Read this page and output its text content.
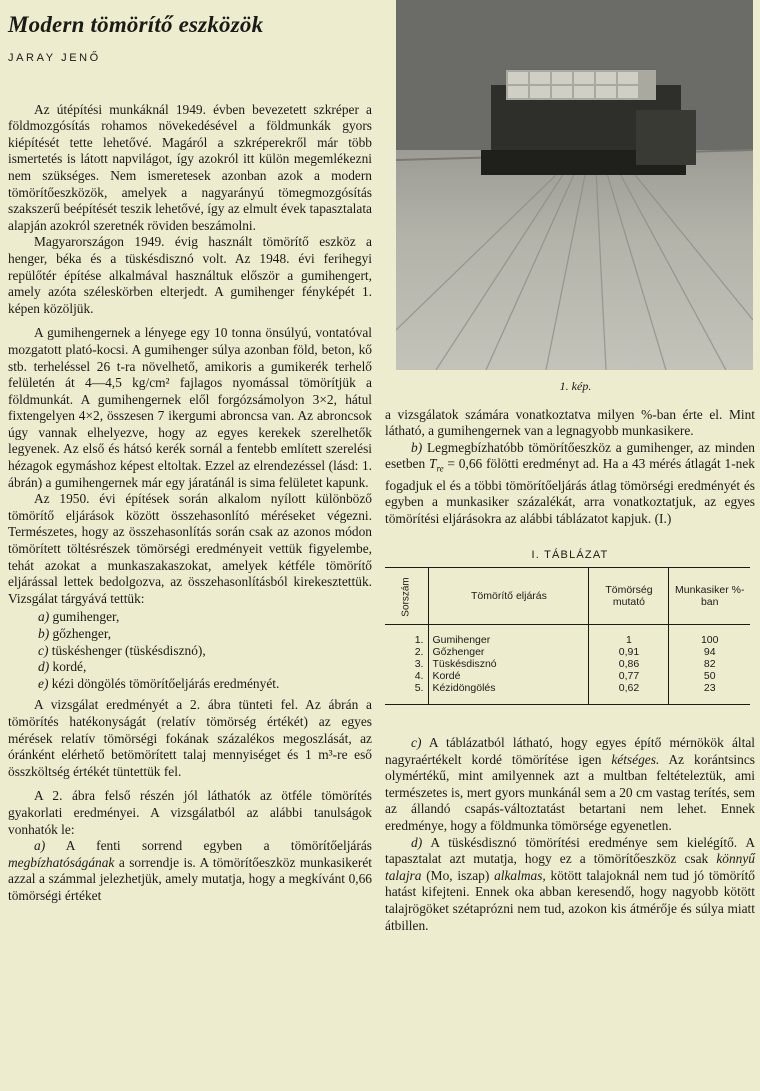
Modern tömörítő eszközök
JARAY JENŐ

Az útépítési munkáknál 1949. évben bevezetett szkréper a földmozgósítás rohamos növekedésével a földmunkák gyors kiépítését tette lehetővé. Magáról a szkréperekről már több ismertetés is látott napvilágot, így azokról itt külön megemlékezni nem szükséges. Nem ismeretesek azonban azok a modern tömörítőeszközök, amelyek a nagyarányú tömegmozgósítás szakszerű beépítését teszik lehetővé, így az elmult évek tapasztalata alapján azokról szeretnék röviden beszámolni.

Magyarországon 1949. évig használt tömörítő eszköz a henger, béka és a tüskésdisznó volt. Az 1948. évi ferihegyi repülőtér építése alkalmával használtuk először a gumihengert, amely azóta széleskörben elterjedt. A gumihenger fényképét 1. képen közöljük.

A gumihengernek a lényege egy 10 tonna önsúlyú, vontatóval mozgatott plató-kocsi. A gumihenger súlya azonban föld, beton, kő stb. terheléssel 26 t-ra növelhető, amikoris a gumikerék terhelő felületén át 4—4,5 kg/cm² fajlagos nyomással tömörítjük a földmunkát. A gumihengernek elől forgózsámolyon 3×2, hátul fixtengelyen 4×2, összesen 7 ikergumi abroncsa van. Az abroncsok úgy vannak elhelyezve, hogy az egyes kerekek szerelhetők legyenek. Az első és hátsó kerék sornál a fentebb említett szerelési hézagok egymáshoz képest eltoltak. Ezzel az elrendezéssel (lásd: 1. ábrán) a gumihengernek már egy járatánál is sima felületet kapunk.

Az 1950. évi építések során alkalom nyílott különböző tömörítő eljárások között összehasonlító méréseket végezni. Természetes, hogy az összehasonlítás során csak az azonos módon tömörített töltésrészek tömörségi eredményeit vettük figyelembe, tehát azokat a munkaszakaszokat, amelyek kétféle tömörítő eljárással lettek bedolgozva, az összehasonlításból kirekesztettük. Vizsgálat tárgyává tettük:

a) gumihenger,
b) gőzhenger,
c) tüskéshenger (tüskésdisznó),
d) kordé,
e) kézi döngölés tömörítőeljárás eredményét.

A vizsgálat eredményét a 2. ábra tünteti fel. Az ábrán a tömörítés hatékonyságát (relatív tömörség értékét) az egyes mérések relatív tömörségi fokának százalékos megoszlását, az óránként elérhető betömörített talaj mennyiséget és 1 m³-re eső összköltség értékét tüntettük fel.

A 2. ábra felső részén jól láthatók az ötféle tömörítés gyakorlati eredményei. A vizsgálatból az alábbi tanulságok vonhatók le:

a) A fenti sorrend egyben a tömörítőeljárás megbízhatóságának a sorrendje is. A tömörítőeszköz munkasikerét azzal a számmal jelezhetjük, amely mutatja, hogy a megkívánt 0,66 tömörségi értéket

1. kép.

a vizsgálatok számára vonatkoztatva milyen %-ban érte el. Mint látható, a gumihengernek van a legnagyobb munkasikere.

b) Legmegbízhatóbb tömörítőeszköz a gumihenger, az minden esetben $T_{re} = 0,66$ fölötti eredményt ad. Ha a 43 mérés átlagát 1-nek fogadjuk el és a többi tömörítőeljárás átlag tömörségi eredményét és egyben a munkasiker százalékát, arra vonatkoztatjuk, az egyes tömörítési eljárásokra az alábbi táblázatot kapjuk. (I.)

I. TÁBLÁZAT
Sorszám	Tömörítő eljárás	Tömörség mutató	Munkasiker %-ban
1.	Gumihenger	1	100
2.	Gőzhenger	0,91	94
3.	Tüskésdisznó	0,86	82
4.	Kordé	0,77	50
5.	Kézidöngölés	0,62	23

c) A táblázatból látható, hogy egyes építő mérnökök által nagyraértékelt kordé tömörítése igen kétséges. Az korántsincs olymértékű, mint amilyennek azt a multban feltételeztük, ami természetes is, mert gyors munkánál sem a 20 cm vastag terítés, sem az állandó csapás-változtatást betartani nem lehet. Ennek eredménye, hogy a földmunka tömörsége egyenetlen.

d) A tüskésdisznó tömörítési eredménye sem kielégítő. A tapasztalat azt mutatja, hogy ez a tömörítőeszköz csak könnyű talajra (Mo, iszap) alkalmas, kötött talajoknál nem tud jó tömörítő hatást kifejteni. Ennek oka abban keresendő, hogy nagyobb kötött talajrögöket szétaprózni nem tud, azokon kis átmérője és súlya miatt átbillen.
